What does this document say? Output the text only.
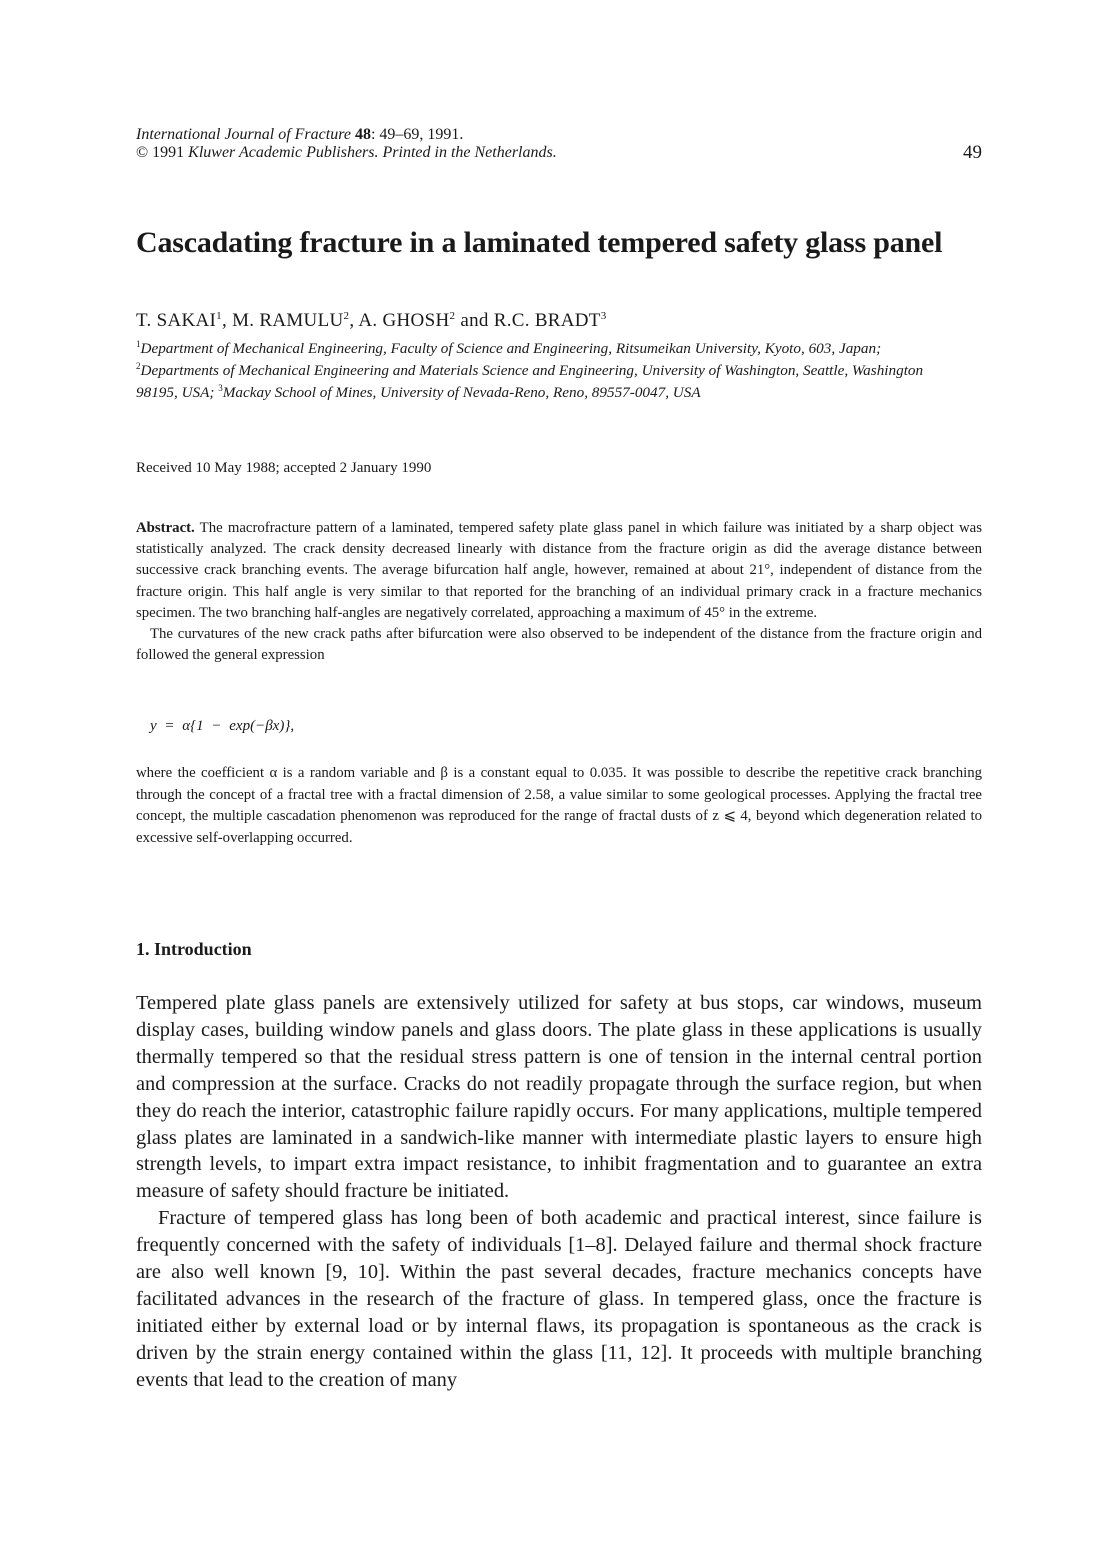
International Journal of Fracture 48: 49–69, 1991.
© 1991 Kluwer Academic Publishers. Printed in the Netherlands.	49
Cascadating fracture in a laminated tempered safety glass panel
T. SAKAI$^1$, M. RAMULU$^2$, A. GHOSH$^2$ and R.C. BRADT$^3$
$^1$Department of Mechanical Engineering, Faculty of Science and Engineering, Ritsumeikan University, Kyoto, 603, Japan; $^2$Departments of Mechanical Engineering and Materials Science and Engineering, University of Washington, Seattle, Washington 98195, USA; $^3$Mackay School of Mines, University of Nevada-Reno, Reno, 89557-0047, USA
Received 10 May 1988; accepted 2 January 1990

Abstract. The macrofracture pattern of a laminated, tempered safety plate glass panel in which failure was initiated by a sharp object was statistically analyzed. The crack density decreased linearly with distance from the fracture origin as did the average distance between successive crack branching events. The average bifurcation half angle, however, remained at about 21°, independent of distance from the fracture origin. This half angle is very similar to that reported for the branching of an individual primary crack in a fracture mechanics specimen. The two branching half-angles are negatively correlated, approaching a maximum of 45° in the extreme.

The curvatures of the new crack paths after bifurcation were also observed to be independent of the distance from the fracture origin and followed the general expression

y = α{1 − exp(−βx)},

where the coefficient α is a random variable and β is a constant equal to 0.035. It was possible to describe the repetitive crack branching through the concept of a fractal tree with a fractal dimension of 2.58, a value similar to some geological processes. Applying the fractal tree concept, the multiple cascadation phenomenon was reproduced for the range of fractal dusts of z ⩽ 4, beyond which degeneration related to excessive self-overlapping occurred.

1. Introduction

Tempered plate glass panels are extensively utilized for safety at bus stops, car windows, museum display cases, building window panels and glass doors. The plate glass in these applications is usually thermally tempered so that the residual stress pattern is one of tension in the internal central portion and compression at the surface. Cracks do not readily propagate through the surface region, but when they do reach the interior, catastrophic failure rapidly occurs. For many applications, multiple tempered glass plates are laminated in a sandwich-like manner with intermediate plastic layers to ensure high strength levels, to impart extra impact resistance, to inhibit fragmentation and to guarantee an extra measure of safety should fracture be initiated.

Fracture of tempered glass has long been of both academic and practical interest, since failure is frequently concerned with the safety of individuals [1–8]. Delayed failure and thermal shock fracture are also well known [9, 10]. Within the past several decades, fracture mechanics concepts have facilitated advances in the research of the fracture of glass. In tempered glass, once the fracture is initiated either by external load or by internal flaws, its propagation is spontaneous as the crack is driven by the strain energy contained within the glass [11, 12]. It proceeds with multiple branching events that lead to the creation of many
